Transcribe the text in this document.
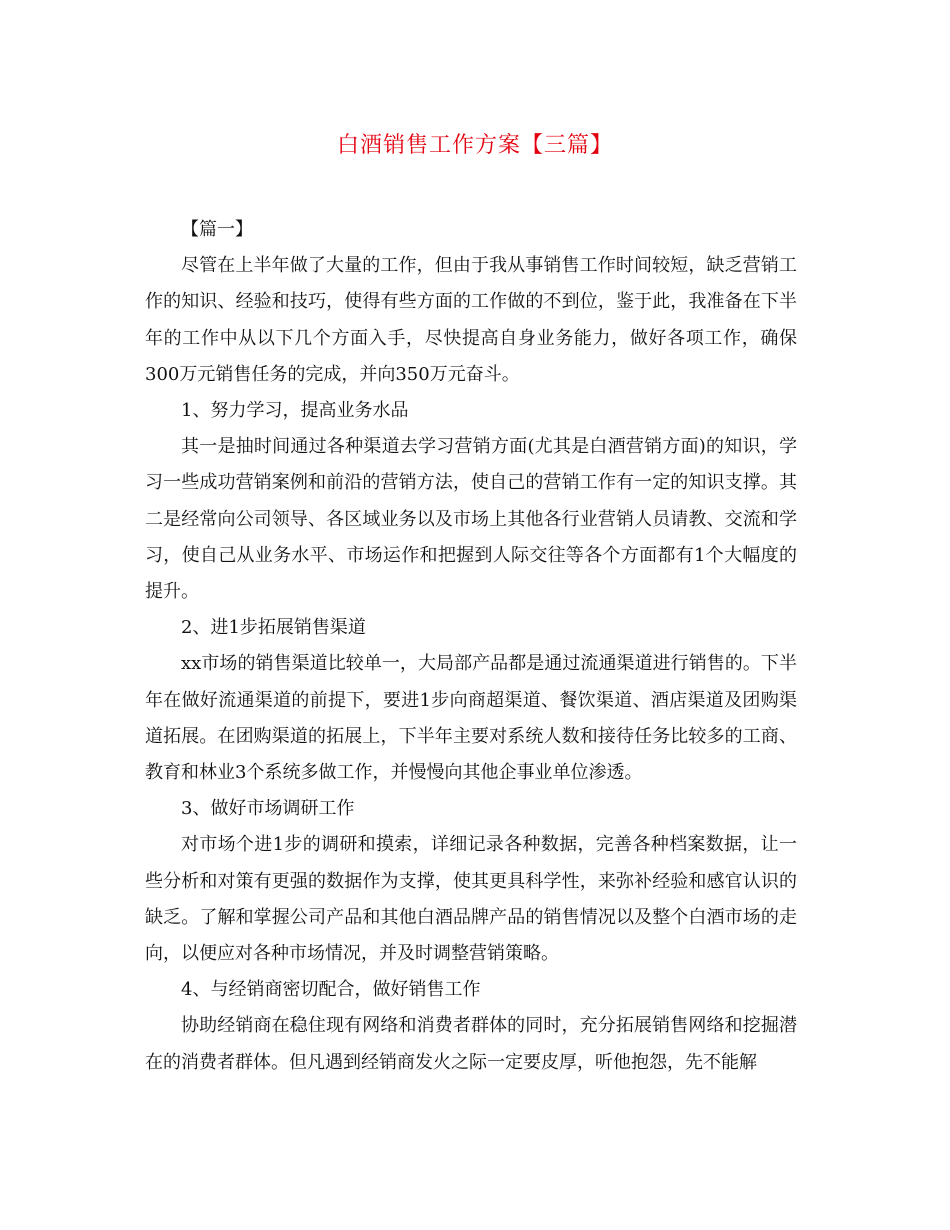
白酒销售工作方案【三篇】

【篇一】

尽管在上半年做了大量的工作，但由于我从事销售工作时间较短，缺乏营销工作的知识、经验和技巧，使得有些方面的工作做的不到位，鉴于此，我准备在下半年的工作中从以下几个方面入手，尽快提高自身业务能力，做好各项工作，确保300万元销售任务的完成，并向350万元奋斗。

1、努力学习，提高业务水品

其一是抽时间通过各种渠道去学习营销方面(尤其是白酒营销方面)的知识，学习一些成功营销案例和前沿的营销方法，使自己的营销工作有一定的知识支撑。其二是经常向公司领导、各区域业务以及市场上其他各行业营销人员请教、交流和学习，使自己从业务水平、市场运作和把握到人际交往等各个方面都有1个大幅度的提升。

2、进1步拓展销售渠道

xx市场的销售渠道比较单一，大局部产品都是通过流通渠道进行销售的。下半年在做好流通渠道的前提下，要进1步向商超渠道、餐饮渠道、酒店渠道及团购渠道拓展。在团购渠道的拓展上，下半年主要对系统人数和接待任务比较多的工商、教育和林业3个系统多做工作，并慢慢向其他企事业单位渗透。

3、做好市场调研工作

对市场个进1步的调研和摸索，详细记录各种数据，完善各种档案数据，让一些分析和对策有更强的数据作为支撑，使其更具科学性，来弥补经验和感官认识的缺乏。了解和掌握公司产品和其他白酒品牌产品的销售情况以及整个白酒市场的走向，以便应对各种市场情况，并及时调整营销策略。

4、与经销商密切配合，做好销售工作

协助经销商在稳住现有网络和消费者群体的同时，充分拓展销售网络和挖掘潜在的消费者群体。但凡遇到经销商发火之际一定要皮厚，听他抱怨，先不能解
